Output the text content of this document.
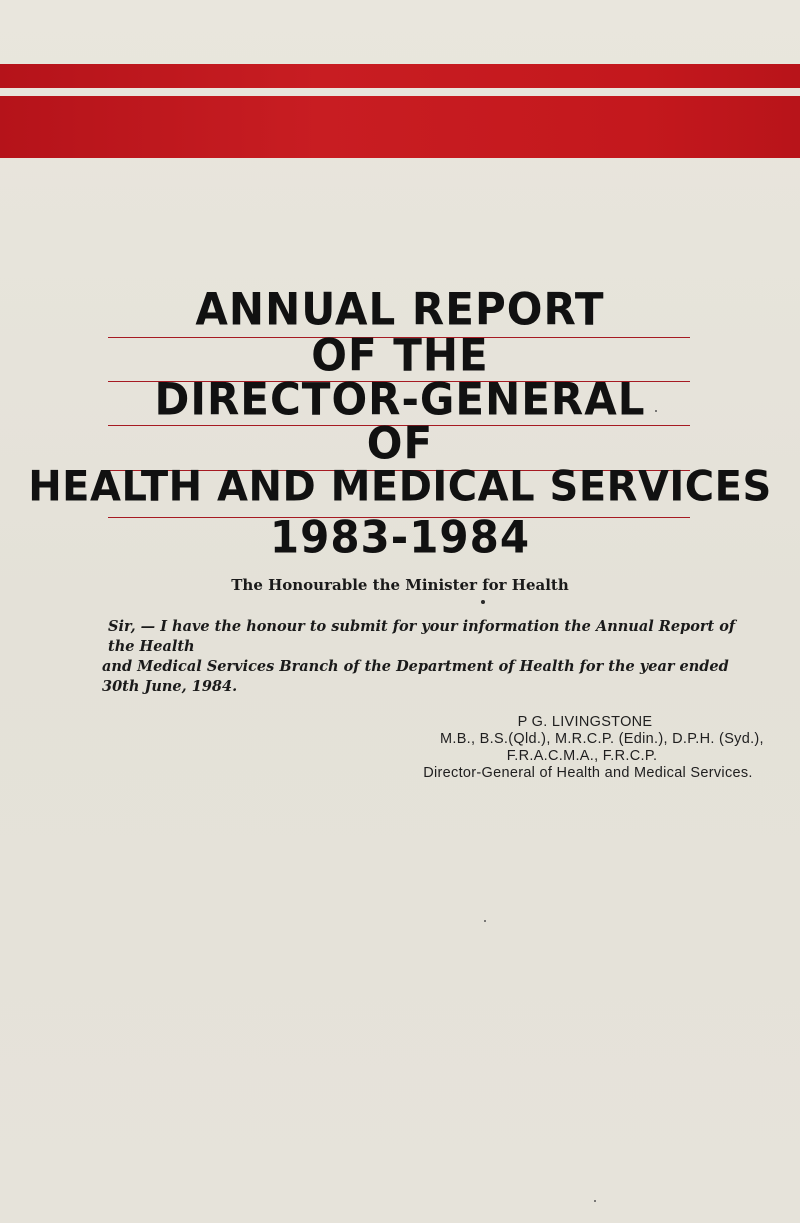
ANNUAL REPORT
OF THE
DIRECTOR-GENERAL
OF
HEALTH AND MEDICAL SERVICES
1983-1984
The Honourable the Minister for Health
Sir, — I have the honour to submit for your information the Annual Report of the Health
and Medical Services Branch of the Department of Health for the year ended 30th June, 1984.
P G. LIVINGSTONE
M.B., B.S.(Qld.), M.R.C.P. (Edin.), D.P.H. (Syd.),
F.R.A.C.M.A., F.R.C.P.
Director-General of Health and Medical Services.
